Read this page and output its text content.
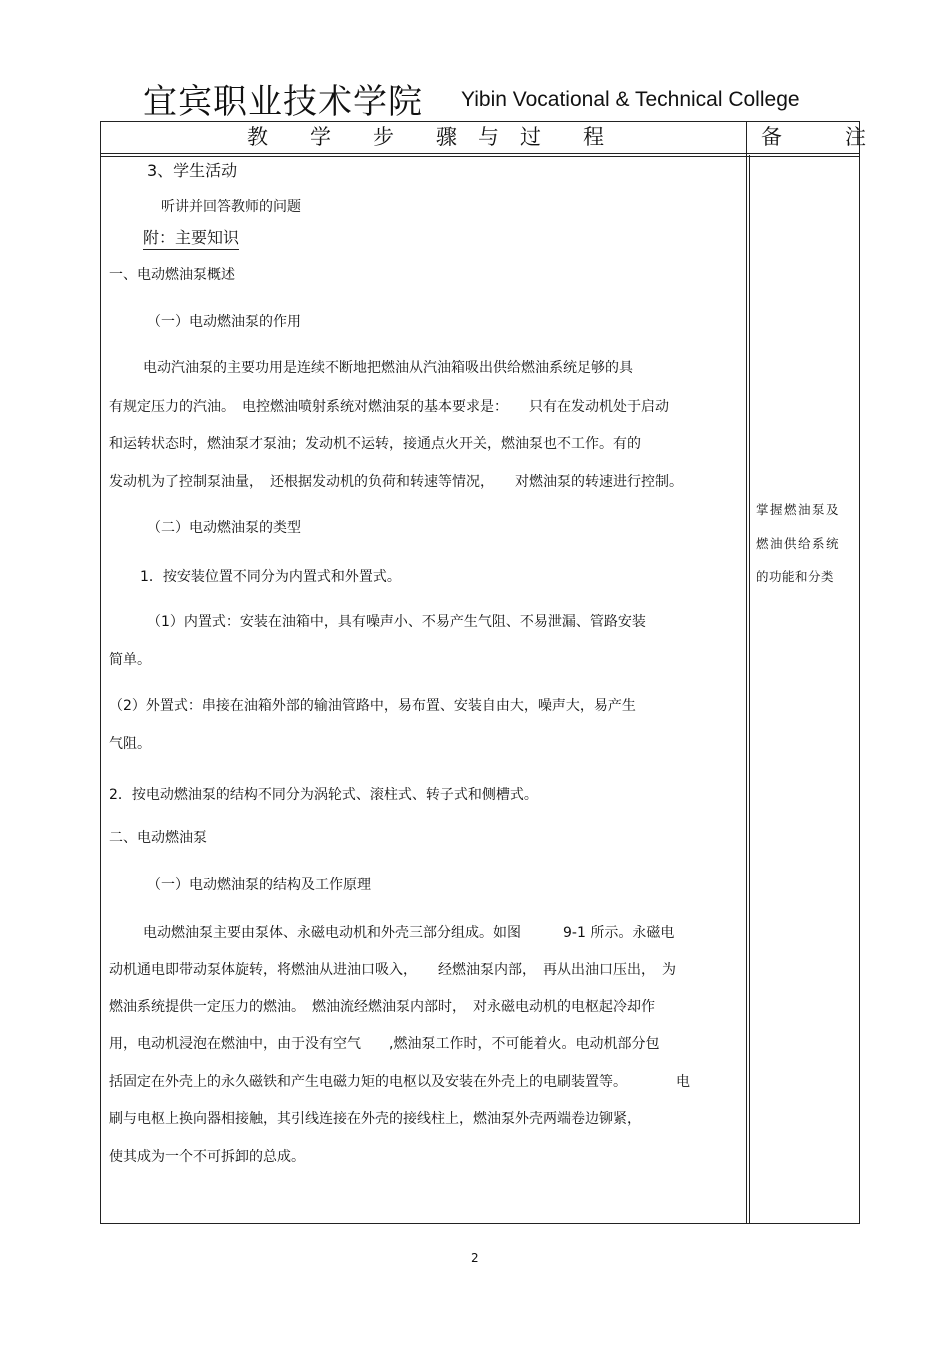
宜宾职业技术学院 Yibin Vocational & Technical College
教　　学　　步　　骤　与　过　　程	备　　　注
3、学生活动
听讲并回答教师的问题
附：主要知识
一、电动燃油泵概述
（一）电动燃油泵的作用
电动汽油泵的主要功用是连续不断地把燃油从汽油箱吸出供给燃油系统足够的具
有规定压力的汽油。　电控燃油喷射系统对燃油泵的基本要求是：　　只有在发动机处于启动
和运转状态时，燃油泵才泵油；发动机不运转，接通点火开关，燃油泵也不工作。有的
发动机为了控制泵油量，　还根据发动机的负荷和转速等情况，　　对燃油泵的转速进行控制。
（二）电动燃油泵的类型
1．按安装位置不同分为内置式和外置式。
（1）内置式：安装在油箱中，具有噪声小、不易产生气阻、不易泄漏、管路安装
简单。
（2）外置式：串接在油箱外部的输油管路中，易布置、安装自由大，噪声大，易产生
气阻。
2．按电动燃油泵的结构不同分为涡轮式、滚柱式、转子式和侧槽式。
二、电动燃油泵
（一）电动燃油泵的结构及工作原理
电动燃油泵主要由泵体、永磁电动机和外壳三部分组成。如图　　　9-1 所示。永磁电
动机通电即带动泵体旋转，将燃油从进油口吸入，　　经燃油泵内部，　再从出油口压出，　为
燃油系统提供一定压力的燃油。　燃油流经燃油泵内部时，　对永磁电动机的电枢起冷却作
用，电动机浸泡在燃油中，由于没有空气　　,燃油泵工作时，不可能着火。电动机部分包
括固定在外壳上的永久磁铁和产生电磁力矩的电枢以及安装在外壳上的电刷装置等。　　　　电
刷与电枢上换向器相接触，其引线连接在外壳的接线柱上，燃油泵外壳两端卷边铆紧，
使其成为一个不可拆卸的总成。
掌握燃油泵及
燃油供给系统
的功能和分类
2
